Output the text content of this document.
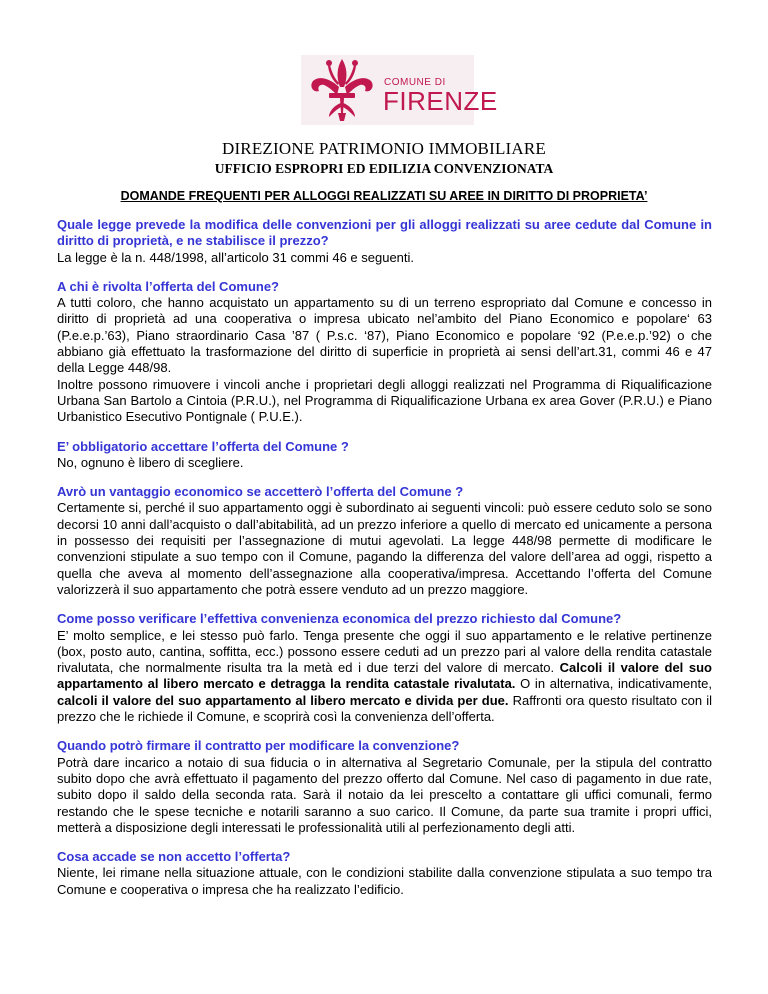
COMUNE DI
FIRENZE
DIREZIONE PATRIMONIO IMMOBILIARE
UFFICIO ESPROPRI ED EDILIZIA CONVENZIONATA
DOMANDE FREQUENTI PER ALLOGGI REALIZZATI SU AREE IN DIRITTO DI PROPRIETA’
Quale legge prevede la modifica delle convenzioni per gli alloggi realizzati su aree cedute dal Comune in diritto di proprietà, e ne stabilisce il prezzo?

La legge è la n. 448/1998, all’articolo 31 commi 46 e seguenti.

A chi è rivolta l’offerta del Comune?

A tutti coloro, che hanno acquistato un appartamento su di un terreno espropriato dal Comune e concesso in diritto di proprietà ad una cooperativa o impresa ubicato nel’ambito del Piano Economico e popolare‘ 63 (P.e.e.p.’63), Piano straordinario Casa ’87 ( P.s.c. ‘87), Piano Economico e popolare ‘92 (P.e.e.p.’92) o che abbiano già effettuato la trasformazione del diritto di superficie in proprietà ai sensi dell’art.31, commi 46 e 47 della Legge 448/98.

Inoltre possono rimuovere i vincoli anche i proprietari degli alloggi realizzati nel Programma di Riqualificazione Urbana San Bartolo a Cintoia (P.R.U.), nel Programma di Riqualificazione Urbana ex area Gover (P.R.U.) e Piano Urbanistico Esecutivo Pontignale ( P.U.E.).

E’ obbligatorio accettare l’offerta del Comune ?

No, ognuno è libero di scegliere.

Avrò un vantaggio economico se accetterò l’offerta del Comune ?

Certamente si, perché il suo appartamento oggi è subordinato ai seguenti vincoli: può essere ceduto solo se sono decorsi 10 anni dall’acquisto o dall’abitabilità, ad un prezzo inferiore a quello di mercato ed unicamente a persona in possesso dei requisiti per l’assegnazione di mutui agevolati. La legge 448/98 permette di modificare le convenzioni stipulate a suo tempo con il Comune, pagando la differenza del valore dell’area ad oggi, rispetto a quella che aveva al momento dell’assegnazione alla cooperativa/impresa. Accettando l’offerta del Comune valorizzerà il suo appartamento che potrà essere venduto ad un prezzo maggiore.

Come posso verificare l’effettiva convenienza economica del prezzo richiesto dal Comune?

E’ molto semplice, e lei stesso può farlo. Tenga presente che oggi il suo appartamento e le relative pertinenze (box, posto auto, cantina, soffitta, ecc.) possono essere ceduti ad un prezzo pari al valore della rendita catastale rivalutata, che normalmente risulta tra la metà ed i due terzi del valore di mercato. Calcoli il valore del suo appartamento al libero mercato e detragga la rendita catastale rivalutata. O in alternativa, indicativamente, calcoli il valore del suo appartamento al libero mercato e divida per due. Raffronti ora questo risultato con il prezzo che le richiede il Comune, e scoprirà così la convenienza dell’offerta.

Quando potrò firmare il contratto per modificare la convenzione?

Potrà dare incarico a notaio di sua fiducia o in alternativa al Segretario Comunale, per la stipula del contratto subito dopo che avrà effettuato il pagamento del prezzo offerto dal Comune. Nel caso di pagamento in due rate, subito dopo il saldo della seconda rata. Sarà il notaio da lei prescelto a contattare gli uffici comunali, fermo restando che le spese tecniche e notarili saranno a suo carico. Il Comune, da parte sua tramite i propri uffici, metterà a disposizione degli interessati le professionalità utili al perfezionamento degli atti.

Cosa accade se non accetto l’offerta?

Niente, lei rimane nella situazione attuale, con le condizioni stabilite dalla convenzione stipulata a suo tempo tra Comune e cooperativa o impresa che ha realizzato l’edificio.
